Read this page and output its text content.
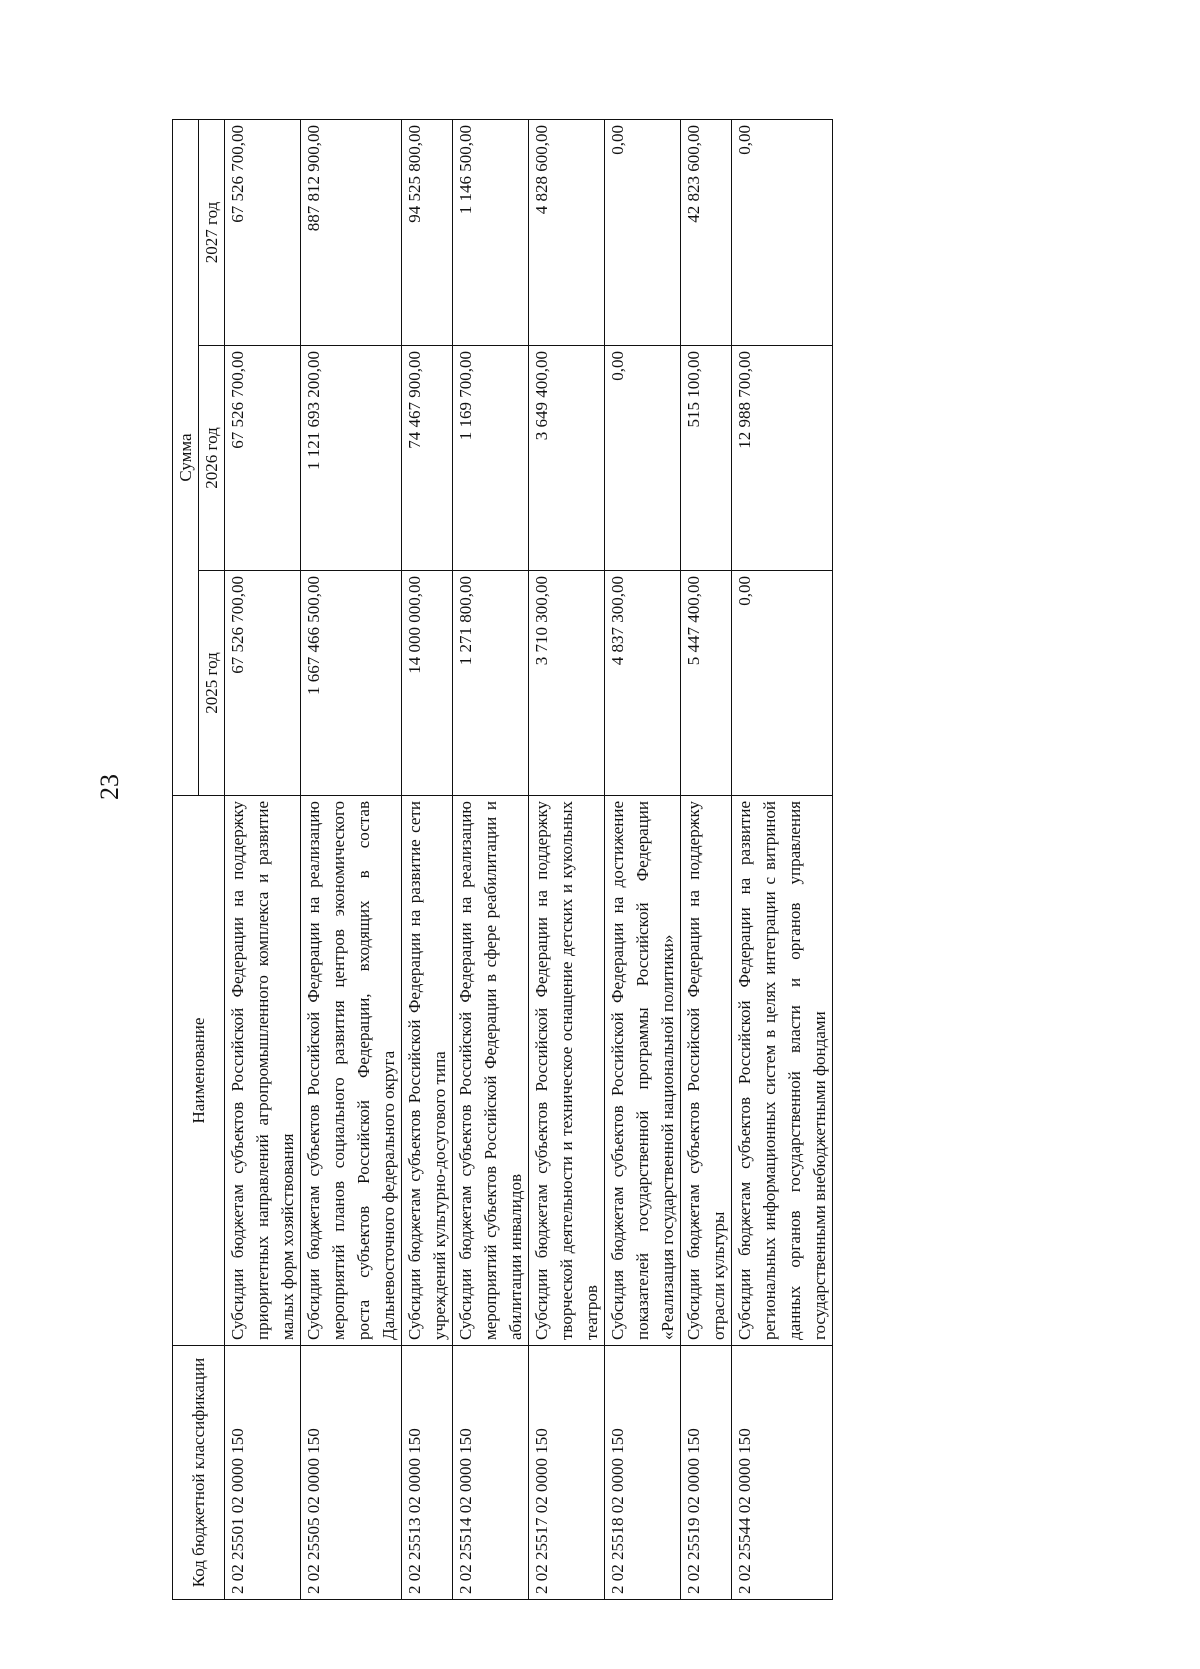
23
Код бюджетной классификации	Наименование	Сумма		
		2025 год	2026 год	2027 год
2 02 25501 02 0000 150	Субсидии бюджетам субъектов Российской Федерации на поддержку приоритетных направлений агропромышленного комплекса и развитие малых форм хозяйствования	67 526 700,00	67 526 700,00	67 526 700,00
2 02 25505 02 0000 150	Субсидии бюджетам субъектов Российской Федерации на реализацию мероприятий планов социального развития центров экономического роста субъектов Российской Федерации, входящих в состав Дальневосточного федерального округа	1 667 466 500,00	1 121 693 200,00	887 812 900,00
2 02 25513 02 0000 150	Субсидии бюджетам субъектов Российской Федерации на развитие сети учреждений культурно-досугового типа	14 000 000,00	74 467 900,00	94 525 800,00
2 02 25514 02 0000 150	Субсидии бюджетам субъектов Российской Федерации на реализацию мероприятий субъектов Российской Федерации в сфере реабилитации и абилитации инвалидов	1 271 800,00	1 169 700,00	1 146 500,00
2 02 25517 02 0000 150	Субсидии бюджетам субъектов Российской Федерации на поддержку творческой деятельности и техническое оснащение детских и кукольных театров	3 710 300,00	3 649 400,00	4 828 600,00
2 02 25518 02 0000 150	Субсидия бюджетам субъектов Российской Федерации на достижение показателей государственной программы Российской Федерации «Реализация государственной национальной политики»	4 837 300,00	0,00	0,00
2 02 25519 02 0000 150	Субсидии бюджетам субъектов Российской Федерации на поддержку отрасли культуры	5 447 400,00	515 100,00	42 823 600,00
2 02 25544 02 0000 150	Субсидии бюджетам субъектов Российской Федерации на развитие региональных информационных систем в целях интеграции с витриной данных органов государственной власти и органов управления государственными внебюджетными фондами	0,00	12 988 700,00	0,00
